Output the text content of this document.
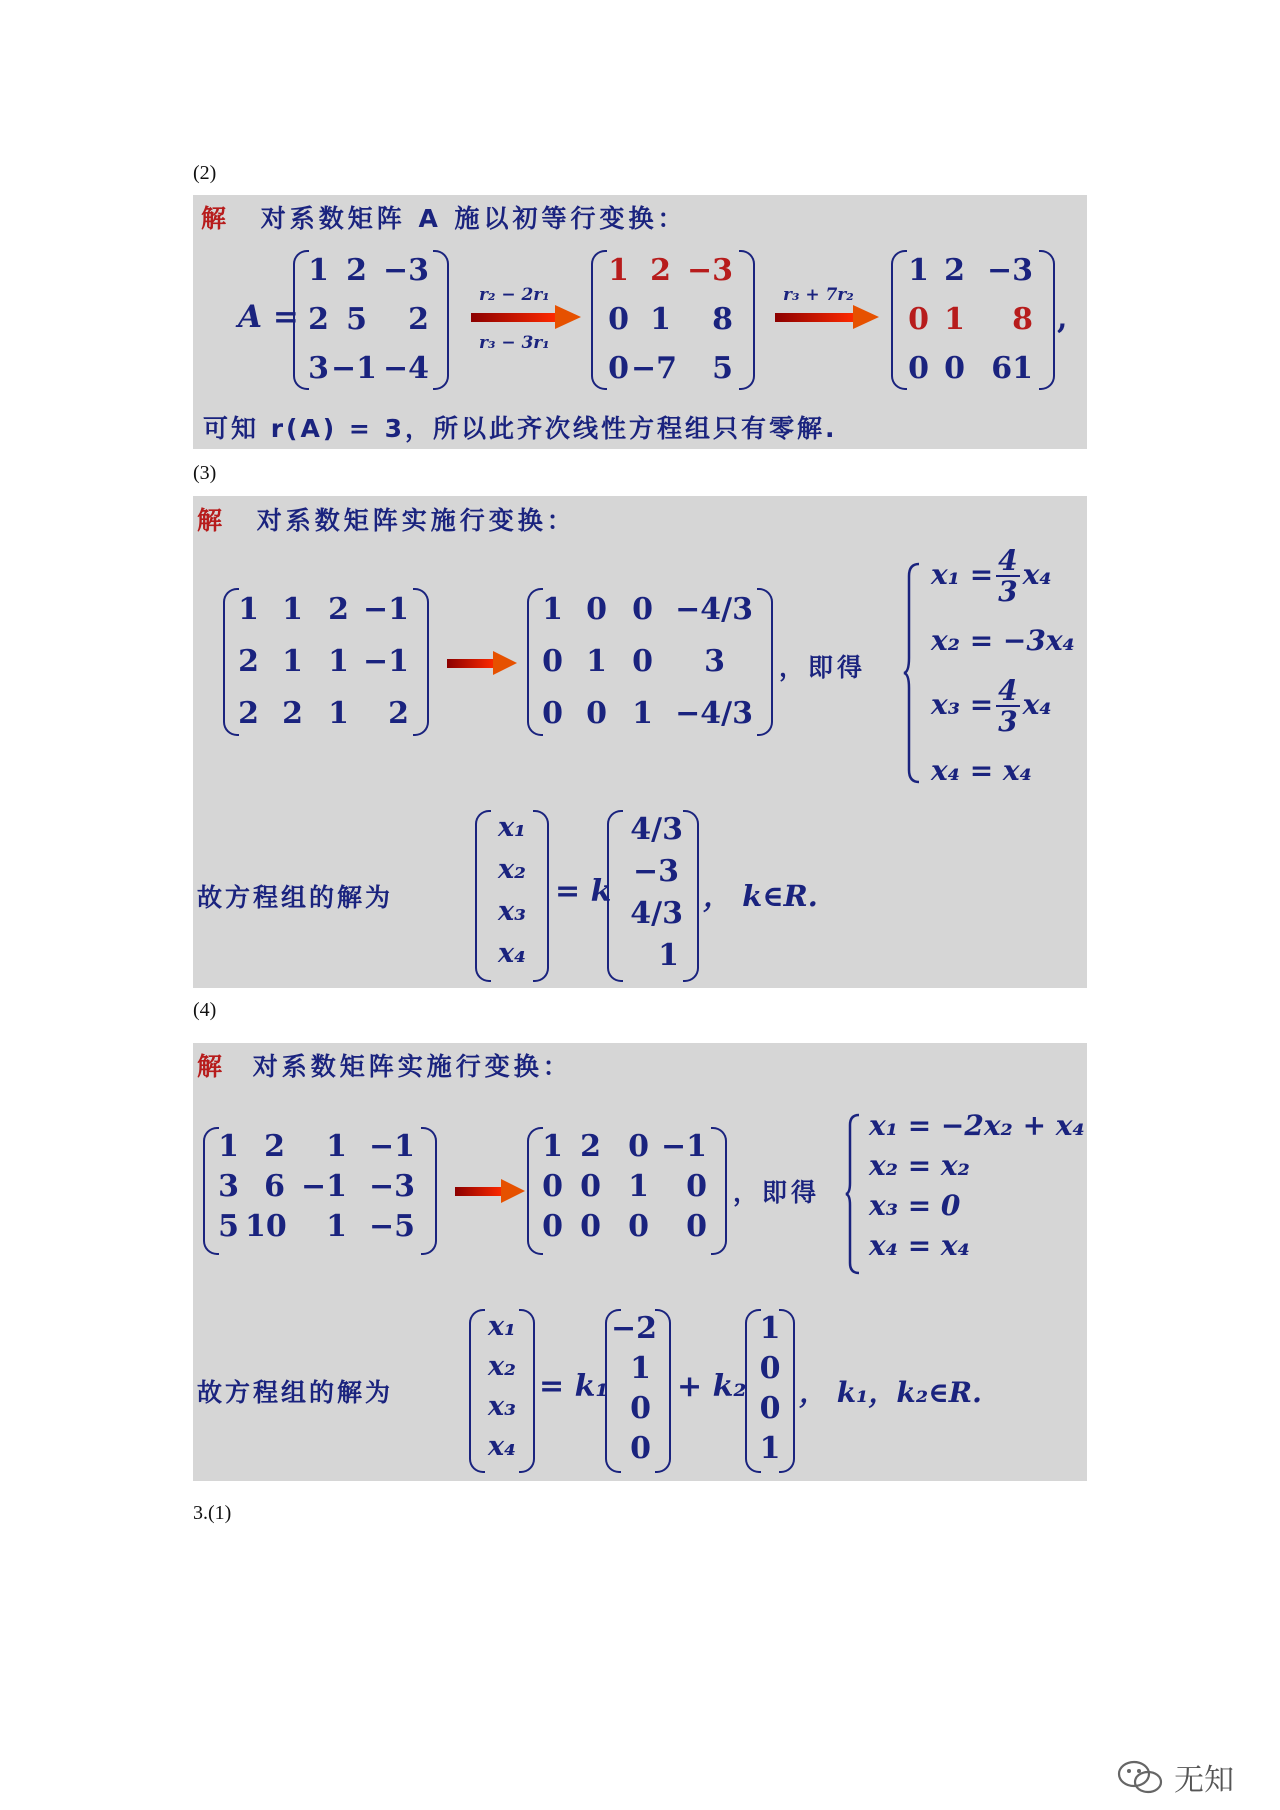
(2)
解 对系数矩阵 A 施以初等行变换：
A =
1 2 −3
2 5	2
3 −1 −4
r₂ − 2r₁
r₃ − 3r₁
1 2 −3
0 1	8
0 −7	5
r₃ + 7r₂
1 2 −3
0 1	8
0 0 61
,
可知 r(A) = 3，所以此齐次线性方程组只有零解.
(3)
解 对系数矩阵实施行变换：
1 1 2 −1
2 1 1 −1
2 2 1	2
1 0 0 −4/3
0 1 0	3
0 0 1 −4/3
，即得
$x_1 = \frac{4}{3} x_4$
x₂ = −3x₄
$x_3 = \frac{4}{3} x_4$
x₄ = x₄
故方程组的解为
x₁
x₂
x₃
x₄
= k
4/3
−3
4/3
1
， k∈R.
(4)
解 对系数矩阵实施行变换：
1 2	1 −1
3 6 −1 −3
5 10	1 −5
1 2 0 −1
0 0 1	0
0 0 0	0
，即得
x₁ = −2x₂ + x₄
x₂ = x₂
x₃ = 0
x₄ = x₄
故方程组的解为
x₁
x₂
x₃
x₄
= k₁
−2
1
0
0
+ k₂
1
0
0
1
， k₁，k₂∈R.
3.(1)
无知
